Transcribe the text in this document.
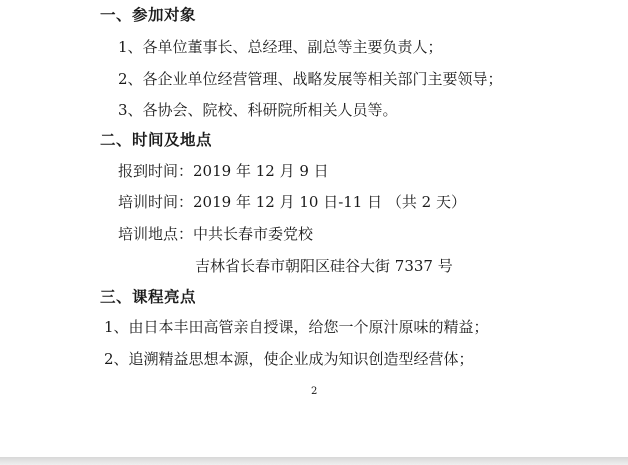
一、参加对象
1、各单位董事长、总经理、副总等主要负责人；
2、各企业单位经营管理、战略发展等相关部门主要领导；
3、各协会、院校、科研院所相关人员等。
二、时间及地点
报到时间：2019 年 12 月 9 日
培训时间：2019 年 12 月 10 日-11 日 （共 2 天）
培训地点：中共长春市委党校
吉林省长春市朝阳区硅谷大街 7337 号
三、课程亮点
1、由日本丰田高管亲自授课，给您一个原汁原味的精益；
2、追溯精益思想本源，使企业成为知识创造型经营体；
2
